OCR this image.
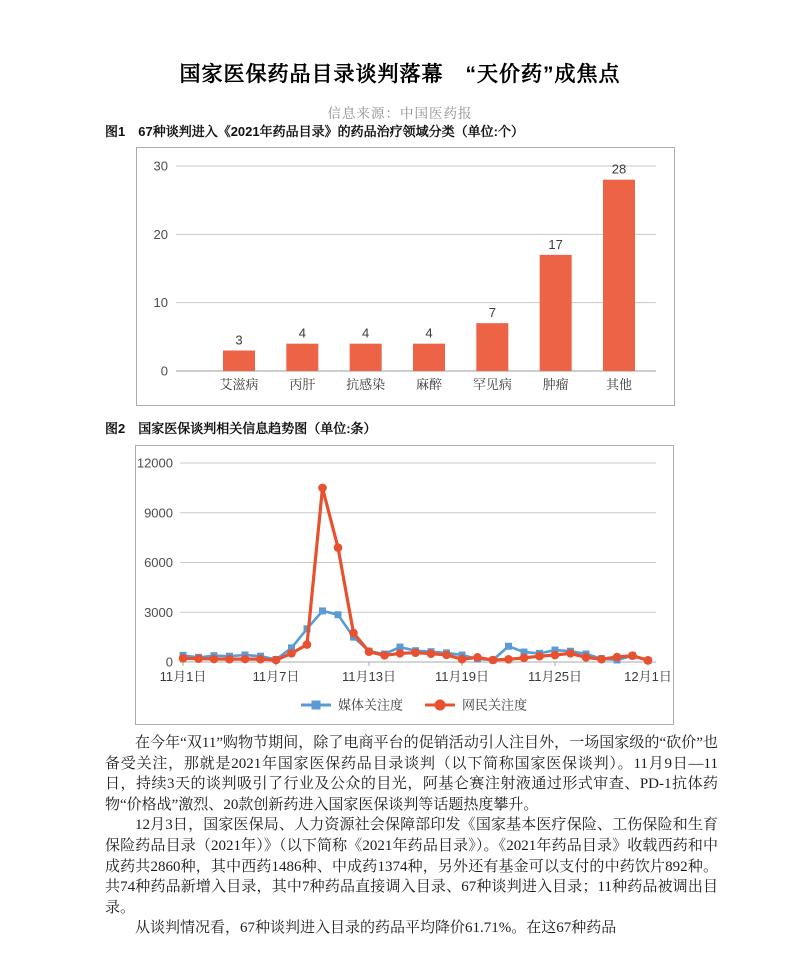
国家医保药品目录谈判落幕　“天价药”成焦点
信息来源：中国医药报
图1　67种谈判进入《2021年药品目录》的药品治疗领域分类（单位:个）
0
10
20
30
3
艾滋病
4
丙肝
4
抗感染
4
麻醉
7
罕见病
17
肿瘤
28
其他
图2　国家医保谈判相关信息趋势图（单位:条）
0
3000
6000
9000
12000
11月1日	11月7日	11月13日	11月19日	11月25日	12月1日
媒体关注度	网民关注度

在今年“双11”购物节期间，除了电商平台的促销活动引人注目外，一场国家级的“砍价”也备受关注，那就是2021年国家医保药品目录谈判（以下简称国家医保谈判）。11月9日—11日，持续3天的谈判吸引了行业及公众的目光，阿基仑赛注射液通过形式审查、PD-1抗体药物“价格战”激烈、20款创新药进入国家医保谈判等话题热度攀升。

12月3日，国家医保局、人力资源社会保障部印发《国家基本医疗保险、工伤保险和生育保险药品目录（2021年）》（以下简称《2021年药品目录》）。《2021年药品目录》收载西药和中成药共2860种，其中西药1486种、中成药1374种，另外还有基金可以支付的中药饮片892种。共74种药品新增入目录，其中7种药品直接调入目录、67种谈判进入目录；11种药品被调出目录。

从谈判情况看，67种谈判进入目录的药品平均降价61.71%。在这67种药品
